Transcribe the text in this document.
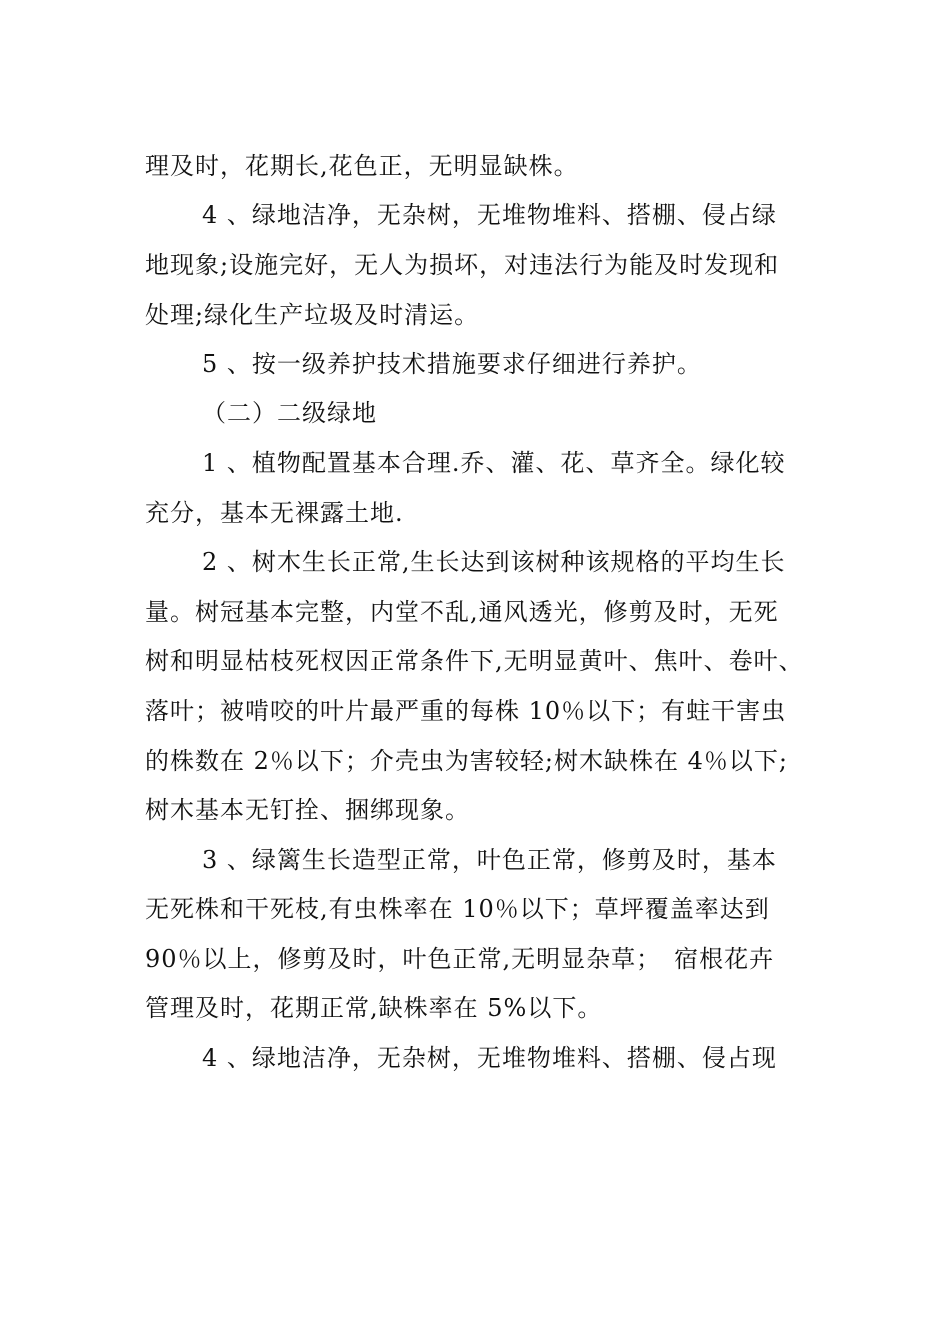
理及时，花期长,花色正，无明显缺株。
4 、绿地洁净，无杂树，无堆物堆料、搭棚、侵占绿
地现象;设施完好，无人为损坏，对违法行为能及时发现和
处理;绿化生产垃圾及时清运。
5 、按一级养护技术措施要求仔细进行养护。
（二）二级绿地
1 、植物配置基本合理.乔、灌、花、草齐全。绿化较
充分，基本无裸露土地.
2 、树木生长正常,生长达到该树种该规格的平均生长
量。树冠基本完整，内堂不乱,通风透光，修剪及时，无死
树和明显枯枝死杈因正常条件下,无明显黄叶、焦叶、卷叶、
落叶；被啃咬的叶片最严重的每株 10％以下；有蛀干害虫
的株数在 2％以下；介壳虫为害较轻;树木缺株在 4％以下;
树木基本无钉拴、捆绑现象。
3 、绿篱生长造型正常，叶色正常，修剪及时，基本
无死株和干死枝,有虫株率在 10％以下；草坪覆盖率达到
90％以上，修剪及时，叶色正常,无明显杂草；　宿根花卉
管理及时，花期正常,缺株率在 5%以下。
4 、绿地洁净，无杂树，无堆物堆料、搭棚、侵占现
